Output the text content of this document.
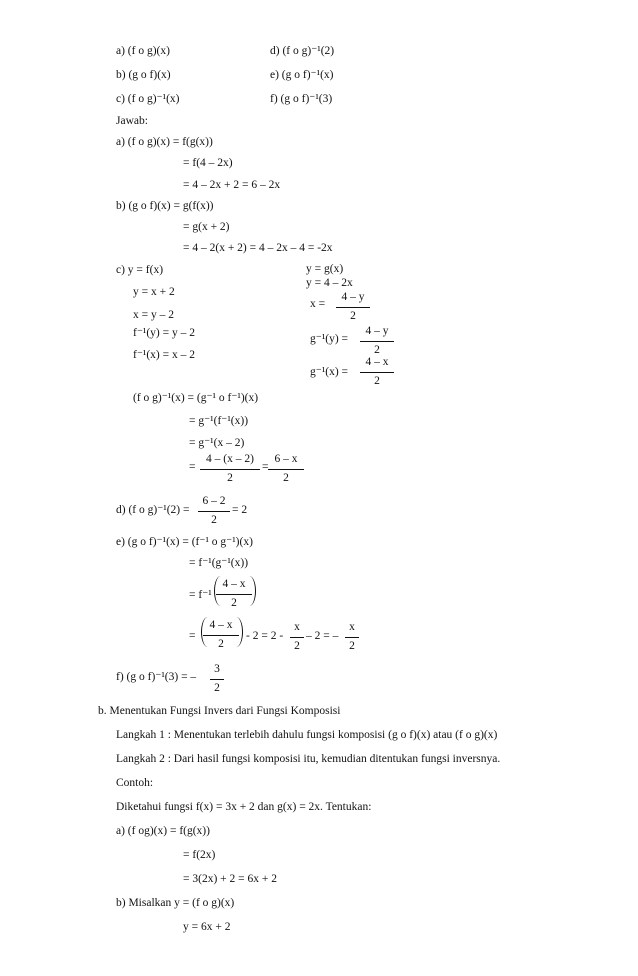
a) (f o g)(x)
b) (g o f)(x)
c) (f o g)⁻¹(x)
d) (f o g)⁻¹(2)
e) (g o f)⁻¹(x)
f) (g o f)⁻¹(3)
Jawab:
a) (f o g)(x) = f(g(x))
= f(4 – 2x)
= 4 – 2x + 2 = 6 – 2x
b) (g o f)(x) = g(f(x))
= g(x + 2)
= 4 – 2(x + 2) = 4 – 2x – 4 = -2x
c) y = f(x)
y = x + 2
x = y – 2
f⁻¹(y) = y – 2
f⁻¹(x) = x – 2
y = g(x)
y = 4 – 2x
x =
4 – y
2
g⁻¹(y) =
4 – y
2
g⁻¹(x) =
4 – x
2
(f o g)⁻¹(x) = (g⁻¹ o f⁻¹)(x)
= g⁻¹(f⁻¹(x))
= g⁻¹(x – 2)
=
4 – (x – 2)
2
=
6 – x
2
d) (f o g)⁻¹(2) =
6 – 2
2
= 2
e) (g o f)⁻¹(x) = (f⁻¹ o g⁻¹)(x)
= f⁻¹(g⁻¹(x))
= f⁻¹
4 – x
2
=
4 – x
2
- 2 = 2 -
x
2
– 2 = –
x
2
f) (g o f)⁻¹(3) = –
3
2
b. Menentukan Fungsi Invers dari Fungsi Komposisi
Langkah 1 : Menentukan terlebih dahulu fungsi komposisi (g o f)(x) atau (f o g)(x)
Langkah 2 : Dari hasil fungsi komposisi itu, kemudian ditentukan fungsi inversnya.
Contoh:
Diketahui fungsi f(x) = 3x + 2 dan g(x) = 2x. Tentukan:
a) (f og)(x) = f(g(x))
= f(2x)
= 3(2x) + 2 = 6x + 2
b) Misalkan y = (f o g)(x)
y = 6x + 2
